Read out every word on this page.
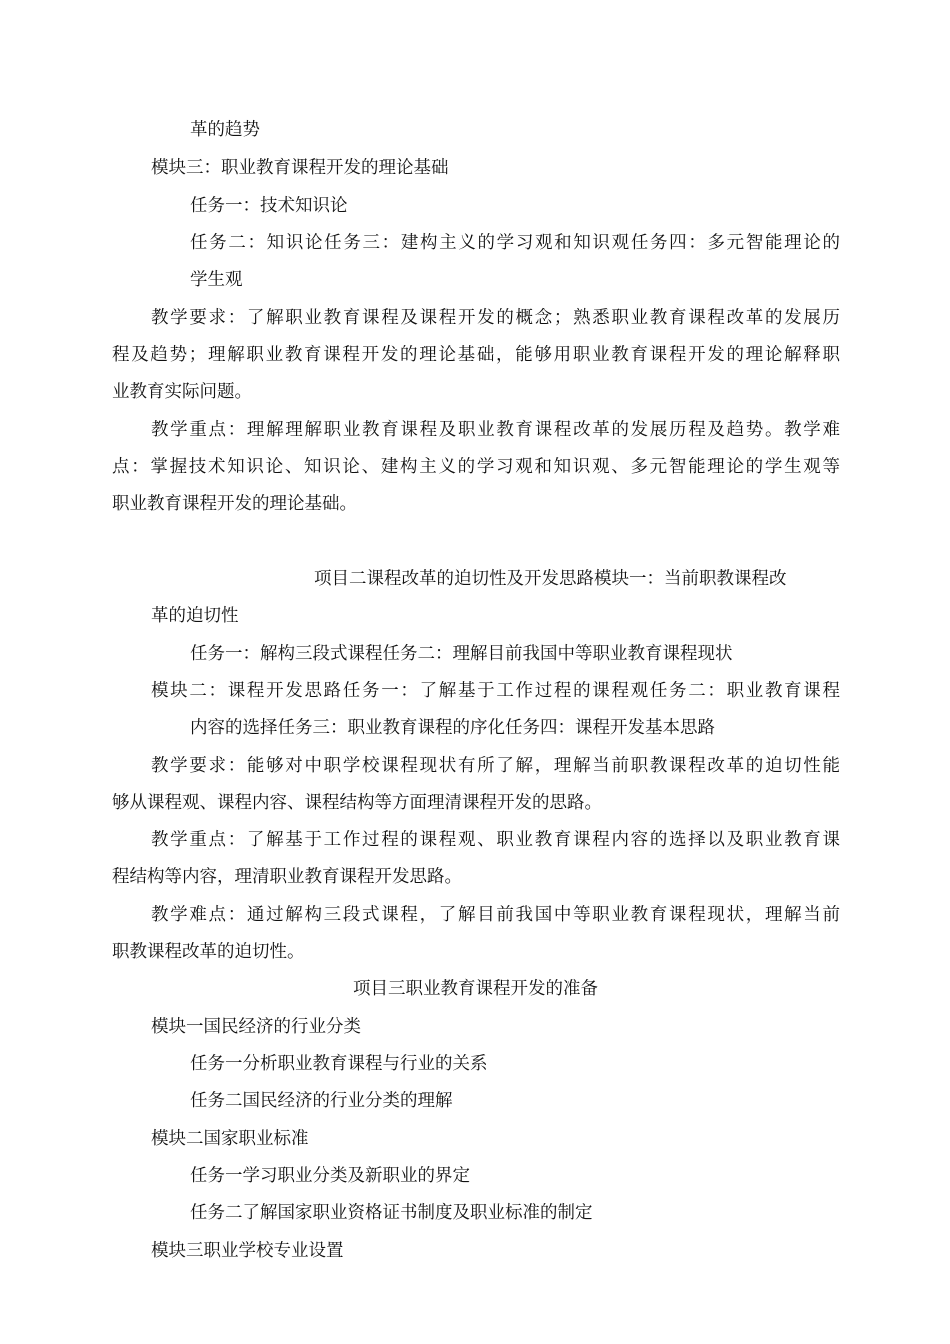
革的趋势

模块三：职业教育课程开发的理论基础

任务一：技术知识论

任务二：知识论任务三：建构主义的学习观和知识观任务四：多元智能理论的

学生观

教学要求：了解职业教育课程及课程开发的概念；熟悉职业教育课程改革的发展历

程及趋势；理解职业教育课程开发的理论基础，能够用职业教育课程开发的理论解释职

业教育实际问题。

教学重点：理解理解职业教育课程及职业教育课程改革的发展历程及趋势。教学难

点：掌握技术知识论、知识论、建构主义的学习观和知识观、多元智能理论的学生观等

职业教育课程开发的理论基础。

项目二课程改革的迫切性及开发思路模块一：当前职教课程改

革的迫切性

任务一：解构三段式课程任务二：理解目前我国中等职业教育课程现状

模块二：课程开发思路任务一：了解基于工作过程的课程观任务二：职业教育课程

内容的选择任务三：职业教育课程的序化任务四：课程开发基本思路

教学要求：能够对中职学校课程现状有所了解，理解当前职教课程改革的迫切性能

够从课程观、课程内容、课程结构等方面理清课程开发的思路。

教学重点：了解基于工作过程的课程观、职业教育课程内容的选择以及职业教育课

程结构等内容，理清职业教育课程开发思路。

教学难点：通过解构三段式课程，了解目前我国中等职业教育课程现状，理解当前

职教课程改革的迫切性。

项目三职业教育课程开发的准备

模块一国民经济的行业分类

任务一分析职业教育课程与行业的关系

任务二国民经济的行业分类的理解

模块二国家职业标准

任务一学习职业分类及新职业的界定

任务二了解国家职业资格证书制度及职业标准的制定

模块三职业学校专业设置
